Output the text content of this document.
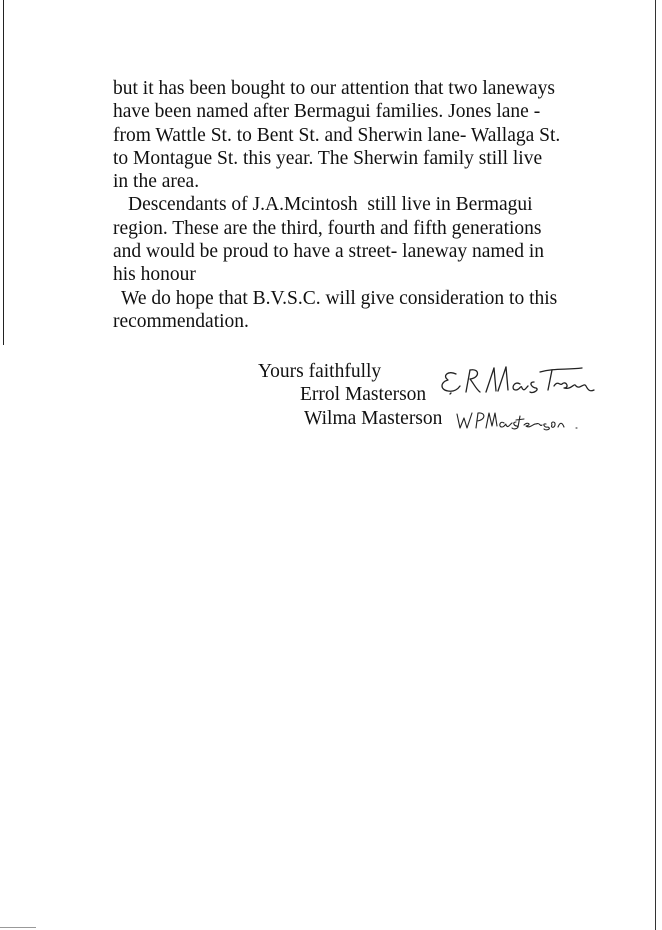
but it has been bought to our attention that two laneways
have been named after Bermagui families. Jones lane -
from Wattle St. to Bent St. and Sherwin lane- Wallaga St.
to Montague St. this year. The Sherwin family still live
in the area.
Descendants of J.A.Mcintosh  still live in Bermagui
region. These are the third, fourth and fifth generations
and would be proud to have a street- laneway named in
his honour
We do hope that B.V.S.C. will give consideration to this
recommendation.
Yours faithfully
Errol Masterson
Wilma Masterson
